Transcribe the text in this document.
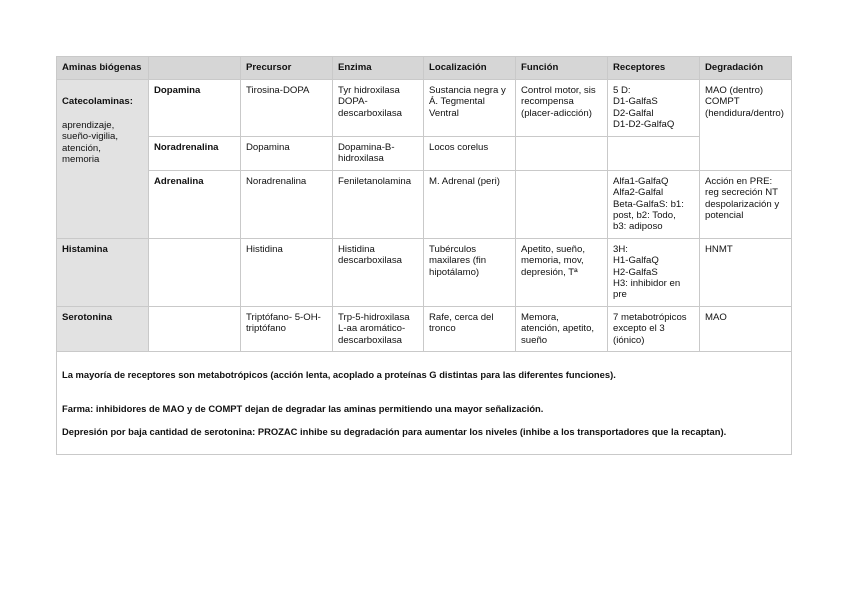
Aminas biógenas		Precursor	Enzima	Localización	Función	Receptores	Degradación

Catecolaminas:

aprendizaje,
sueño-vigilia,
atención,
memoria	Dopamina	Tirosina-DOPA	Tyr hidroxilasa
DOPA-
descarboxilasa	Sustancia negra y
Á. Tegmental
Ventral	Control motor, sis
recompensa
(placer-adicción)	5 D:
D1-GalfaS
D2-Galfal
D1-D2-GalfaQ	MAO (dentro)
COMPT
(hendidura/dentro)
	Noradrenalina	Dopamina	Dopamina-B-
hidroxilasa	Locos corelus			
	Adrenalina	Noradrenalina	Feniletanolamina	M. Adrenal (peri)		Alfa1-GalfaQ
Alfa2-Galfal
Beta-GalfaS: b1:
post, b2: Todo,
b3: adiposo	Acción en PRE:
reg secreción NT
despolarización y
potencial
Histamina		Histidina	Histidina
descarboxilasa	Tubérculos
maxilares (fin
hipotálamo)	Apetito, sueño,
memoria, mov,
depresión, Tª	3H:
H1-GalfaQ
H2-GalfaS
H3: inhibidor en
pre	HNMT
Serotonina		Triptófano- 5-OH-
triptófano	Trp-5-hidroxilasa
L-aa aromático-
descarboxilasa	Rafe, cerca del
tronco	Memora,
atención, apetito,
sueño	7 metabotrópicos
excepto el 3
(iónico)	MAO

La mayoría de receptores son metabotrópicos (acción lenta, acoplado a proteínas G distintas para las diferentes funciones).

Farma: inhibidores de MAO y de COMPT dejan de degradar las aminas permitiendo una mayor señalización.

Depresión por baja cantidad de serotonina: PROZAC inhibe su degradación para aumentar los niveles (inhibe a los transportadores que la recaptan).							
